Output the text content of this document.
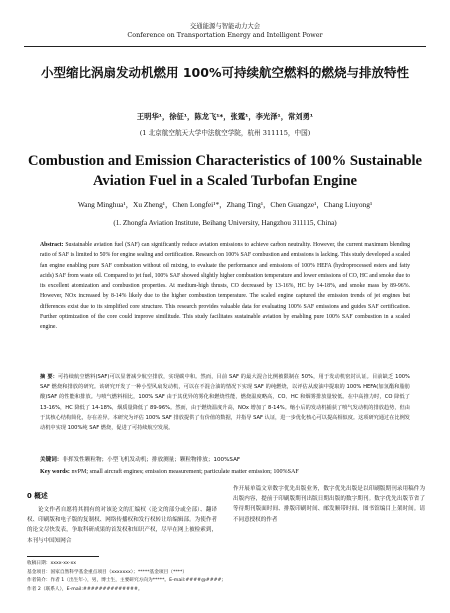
交通能源与智能动力大会
Conference on Transportation Energy and Intelligent Power
小型缩比涡扇发动机燃用 100%可持续航空燃料的燃烧与排放特性
王明华¹，徐征¹，陈龙飞¹*，张霆¹，李光泽¹，常刘勇¹
(1 北京航空航天大学中法航空学院，杭州 311115，中国)
Combustion and Emission Characteristics of 100% Sustainable Aviation Fuel in a Scaled Turbofan Engine
Wang Minghua¹，Xu Zheng¹，Chen Longfei¹*，Zhang Ting¹，Chen Guangze¹，Chang Liuyong¹
(1. Zhongfa Aviation Institute, Beihang University, Hangzhou 311115, China)
Abstract: Sustainable aviation fuel (SAF) can significantly reduce aviation emissions to achieve carbon neutrality. However, the current maximum blending ratio of SAF is limited to 50% for engine sealing and certification. Research on 100% SAF combustion and emissions is lacking. This study developed a scaled fan engine enabling pure SAF combustion without oil mixing, to evaluate the performance and emissions of 100% HEFA (hydroprocessed esters and fatty acids) SAF from waste oil. Compared to jet fuel, 100% SAF showed slightly higher combustion temperature and lower emissions of CO, HC and smoke due to its excellent atomization and combustion properties. At medium-high thrusts, CO decreased by 13-16%, HC by 14-18%, and smoke mass by 89-96%. However, NOx increased by 8-14% likely due to the higher combustion temperature. The scaled engine captured the emission trends of jet engines but differences exist due to its simplified core structure. This research provides valuable data for evaluating 100% SAF emissions and guides SAF certification. Further optimization of the core could improve similitude. This study facilitates sustainable aviation by enabling pure 100% SAF combustion in a scaled engine.
摘 要：可持续航空燃料(SAF)可以显著减少航空排放，实现碳中和。然而，目前 SAF 的最大混合比例被限制在 50%，用于发动机密封认证。目前缺乏 100% SAF 燃烧和排放的研究。该研究开发了一种小型风扇发动机，可以在不混合油的情况下实现 SAF 的纯燃烧，以评估从废油中提取的 100% HEFA(加氢酯和脂肪酸)SAF 的性能和排放。与喷气燃料相比，100% SAF 由于其优异的雾化和燃烧性能，燃烧温度略高，CO、HC 和烟雾排放量较低。在中高推力时，CO 降低了 13-16%，HC 降低了 14-18%，烟质量降低了 89-96%。然而，由于燃烧温度升高，NOx 增加了 8-14%。缩小后的发动机捕获了喷气发动机的排放趋势，但由于其核心结构简化，存在差异。本研究为评估 100% SAF 排放提供了有价值的数据，并指导 SAF 认证，进一步优化核心可以提高相似度。这项研究通过在比例发动机中实现 100%纯 SAF 燃烧，促进了可持续航空发展。
关键词：非挥发性颗粒物；小型飞机发动机；排放测量；颗粒物排放；100%SAF
Key words: nvPM; small aircraft engines; emission measurement; particulate matter emission; 100%SAF
0 概述
论文作者自愿将其拥有的对该论文的汇编权（论文的部分或全部）、翻译权、印刷版和电子版的复制权、网络传播权和发行权转让给编辑部。为使作者的论文尽快发表，争取科研成果的首发权和知识产权，尽早在网上被检索到，本刊与中国知网合
作开展单篇文章数字优先出版业务，数字优先出版是以印刷版期刊录用稿件为出版内容，提前于印刷版期刊出版日期出版的数字期刊。数字优先出版节省了等待期刊版面时间、排版印刷时间、邮发顺带时间、图书馆编目上架时间。请不同意授权的作者
收稿日期：xxxx-xx-xx
基金项目：国家自然科学基金重点项目（xxxxxxx）；*****基金项目（****）
作者简介：作者 1（出生年-），男，博士生，主要研究方向为*****。E-mail:####@####;
作者 2（联系人），E-mail:##############。
